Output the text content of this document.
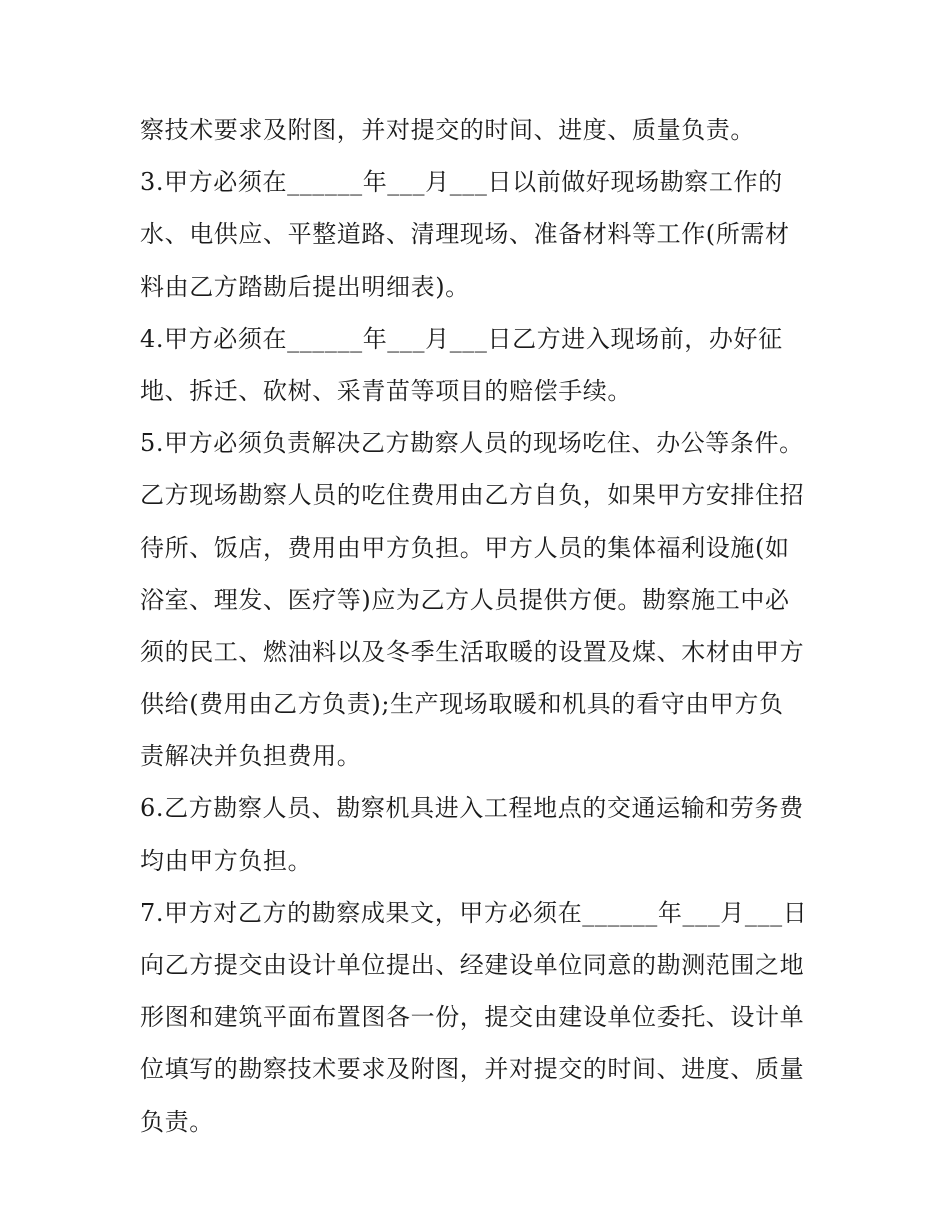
察技术要求及附图，并对提交的时间、进度、质量负责。
3.甲方必须在______年___月___日以前做好现场勘察工作的
水、电供应、平整道路、清理现场、准备材料等工作(所需材
料由乙方踏勘后提出明细表)。
4.甲方必须在______年___月___日乙方进入现场前，办好征
地、拆迁、砍树、采青苗等项目的赔偿手续。
5.甲方必须负责解决乙方勘察人员的现场吃住、办公等条件。
乙方现场勘察人员的吃住费用由乙方自负，如果甲方安排住招
待所、饭店，费用由甲方负担。甲方人员的集体福利设施(如
浴室、理发、医疗等)应为乙方人员提供方便。勘察施工中必
须的民工、燃油料以及冬季生活取暖的设置及煤、木材由甲方
供给(费用由乙方负责);生产现场取暖和机具的看守由甲方负
责解决并负担费用。
6.乙方勘察人员、勘察机具进入工程地点的交通运输和劳务费
均由甲方负担。
7.甲方对乙方的勘察成果文，甲方必须在______年___月___日
向乙方提交由设计单位提出、经建设单位同意的勘测范围之地
形图和建筑平面布置图各一份，提交由建设单位委托、设计单
位填写的勘察技术要求及附图，并对提交的时间、进度、质量
负责。
